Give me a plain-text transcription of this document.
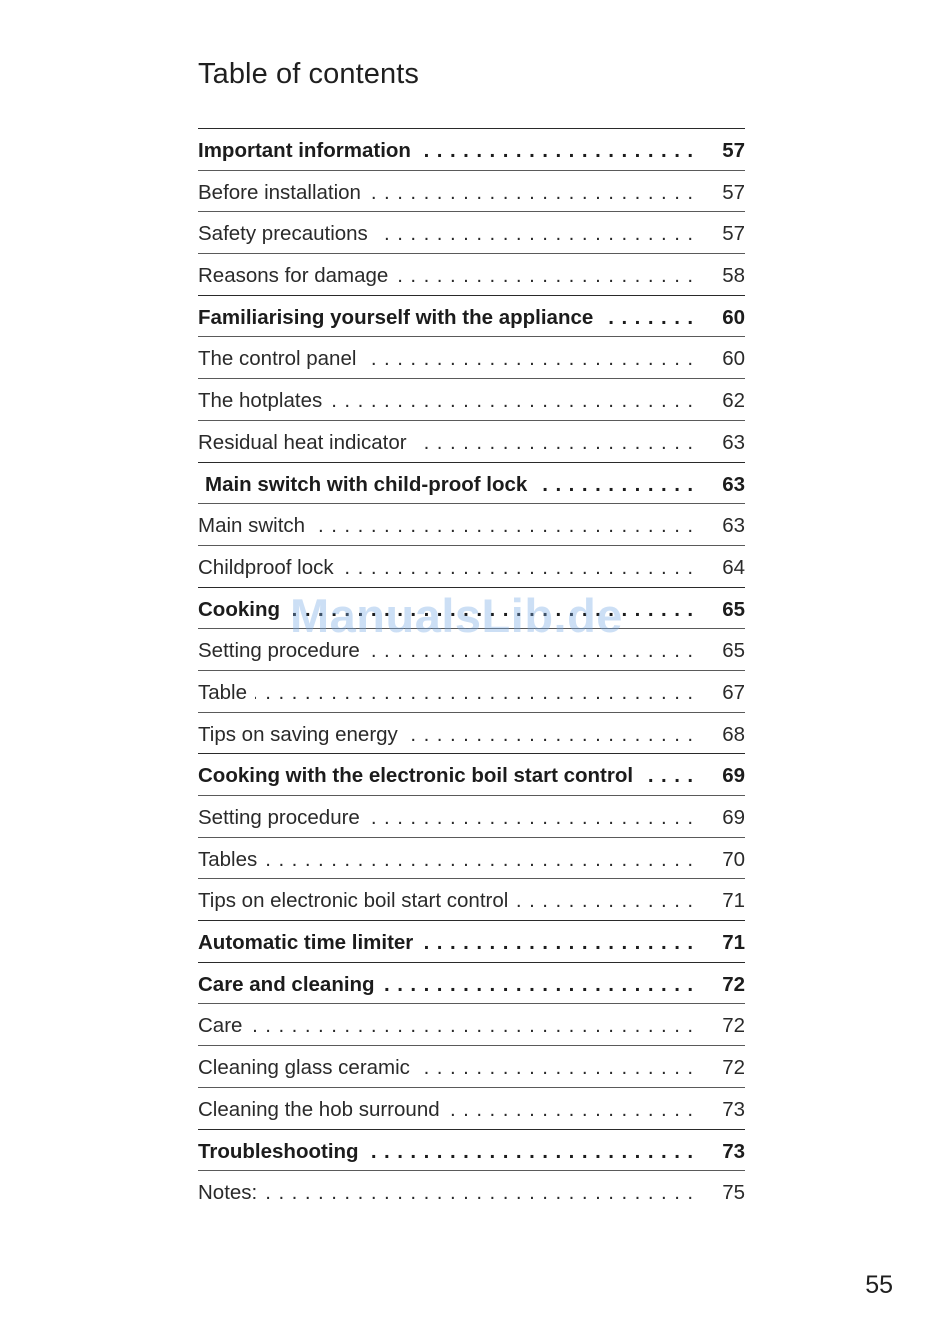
Table of contents
. . . Important information	57
. . . Before installation	57
. . . Safety precautions	57
. . . Reasons for damage	58
. . . Familiarising yourself with the appliance	60
. . . The control panel	60
. . . The hotplates	62
. . . Residual heat indicator	63
. . . Main switch with child-proof lock	63
. . . Main switch	63
. . . Childproof lock	64
. . . Cooking	65
. . . Setting procedure	65
. . . Table	67
. . . Tips on saving energy	68
. . . Cooking with the electronic boil start control	69
. . . Setting procedure	69
. . . Tables	70
. . . Tips on electronic boil start control	71
. . . Automatic time limiter	71
. . . Care and cleaning	72
. . . Care	72
. . . Cleaning glass ceramic	72
. . . Cleaning the hob surround	73
. . . Troubleshooting	73
. . . Notes:	75
ManualsLib.de
55
